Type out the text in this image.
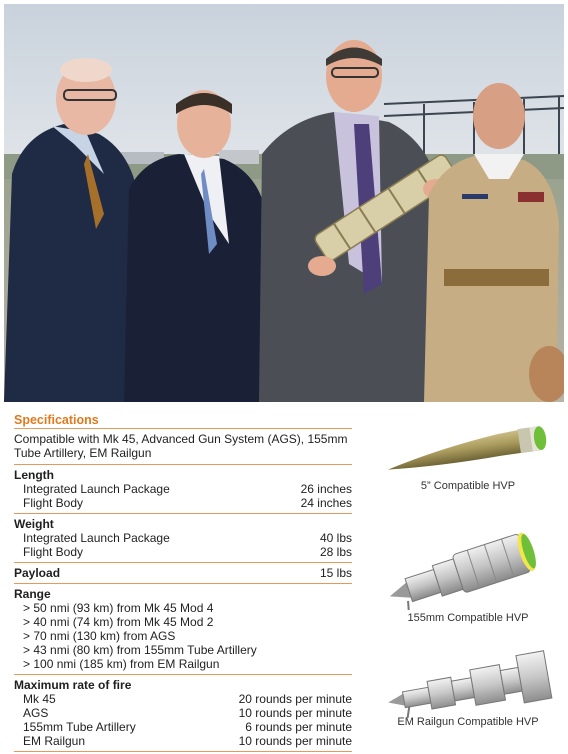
Specifications
Compatible with Mk 45, Advanced Gun System (AGS), 155mm Tube Artillery, EM Railgun
Length
Integrated Launch Package	26 inches
Flight Body	24 inches
Weight
Integrated Launch Package	40 lbs
Flight Body	28 lbs
Payload	15 lbs
Range
> 50 nmi (93 km) from Mk 45 Mod 4
> 40 nmi (74 km) from Mk 45 Mod 2
> 70 nmi (130 km) from AGS
> 43 nmi (80 km) from 155mm Tube Artillery
> 100 nmi (185 km) from EM Railgun
Maximum rate of fire
Mk 45	20 rounds per minute
AGS	10 rounds per minute
155mm Tube Artillery	6 rounds per minute
EM Railgun	10 rounds per minute
5” Compatible HVP
155mm Compatible HVP
EM Railgun Compatible HVP
